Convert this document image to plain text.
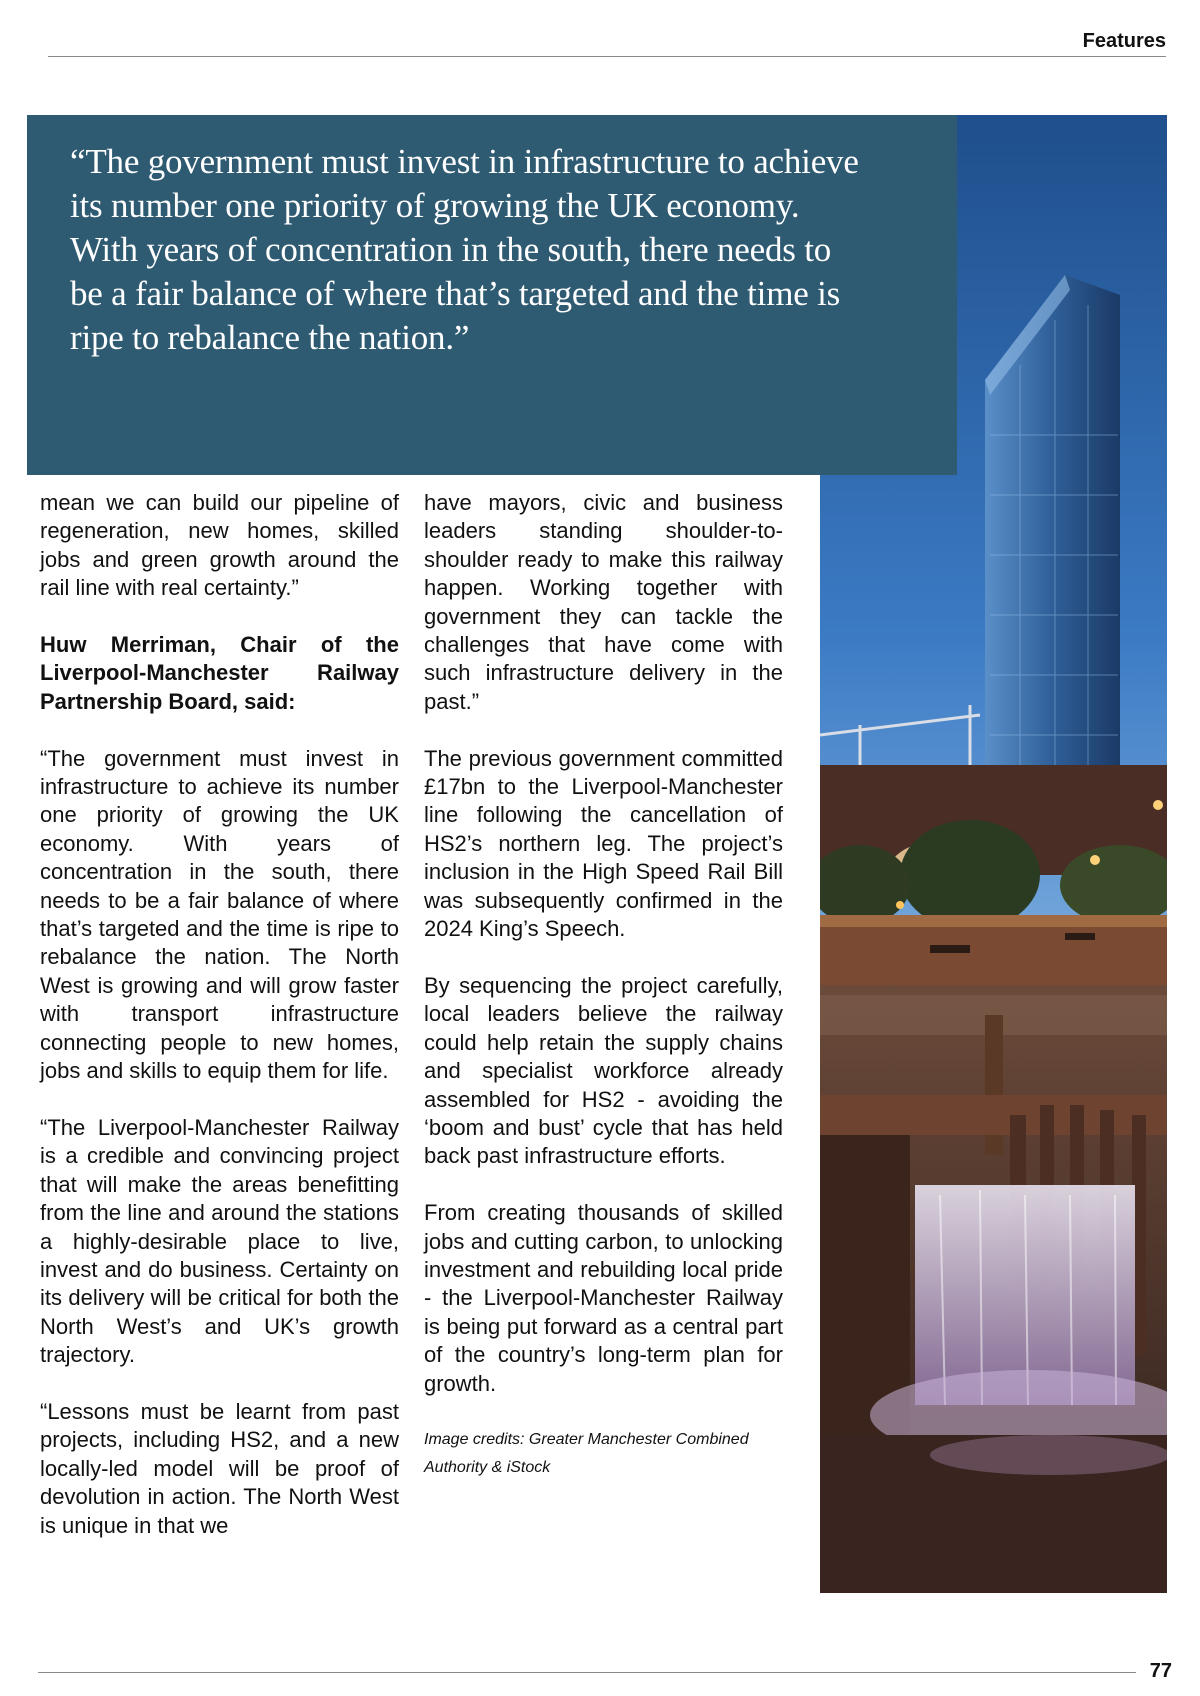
Features

“The government must invest in infrastructure to achieve its number one priority of growing the UK economy. With years of concentration in the south, there needs to be a fair balance of where that’s targeted and the time is ripe to rebalance the nation.”

mean we can build our pipeline of regeneration, new homes, skilled jobs and green growth around the rail line with real certainty.”

Huw Merriman, Chair of the Liverpool-Manchester Railway Partnership Board, said:

“The government must invest in infrastructure to achieve its number one priority of growing the UK economy. With years of concentration in the south, there needs to be a fair balance of where that’s targeted and the time is ripe to rebalance the nation. The North West is growing and will grow faster with transport infrastructure connecting people to new homes, jobs and skills to equip them for life.

“The Liverpool-Manchester Railway is a credible and convincing project that will make the areas benefitting from the line and around the stations a highly-desirable place to live, invest and do business. Certainty on its delivery will be critical for both the North West’s and UK’s growth trajectory.

“Lessons must be learnt from past projects, including HS2, and a new locally-led model will be proof of devolution in action. The North West is unique in that we

have mayors, civic and business leaders standing shoulder-to-shoulder ready to make this railway happen. Working together with government they can tackle the challenges that have come with such infrastructure delivery in the past.”

The previous government committed £17bn to the Liverpool-Manchester line following the cancellation of HS2’s northern leg. The project’s inclusion in the High Speed Rail Bill was subsequently confirmed in the 2024 King’s Speech.

By sequencing the project carefully, local leaders believe the railway could help retain the supply chains and specialist workforce already assembled for HS2 - avoiding the ‘boom and bust’ cycle that has held back past infrastructure efforts.

From creating thousands of skilled jobs and cutting carbon, to unlocking investment and rebuilding local pride - the Liverpool-Manchester Railway is being put forward as a central part of the country’s long-term plan for growth.

Image credits: Greater Manchester Combined Authority & iStock

77
